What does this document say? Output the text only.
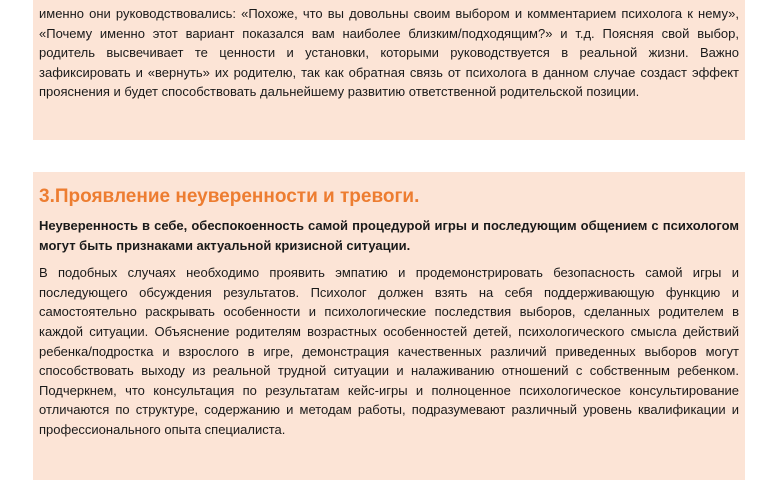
именно они руководствовались: «Похоже, что вы довольны своим выбором и комментарием психолога к нему», «Почему именно этот вариант показался вам наиболее близким/подходящим?» и т.д. Поясняя свой выбор, родитель высвечивает те ценности и установки, которыми руководствуется в реальной жизни. Важно зафиксировать и «вернуть» их родителю, так как обратная связь от психолога в данном случае создаст эффект прояснения и будет способствовать дальнейшему развитию ответственной родительской позиции.

3.Проявление неуверенности и тревоги.

Неуверенность в себе, обеспокоенность самой процедурой игры и последующим общением с психологом могут быть признаками актуальной кризисной ситуации.

В подобных случаях необходимо проявить эмпатию и продемонстрировать безопасность самой игры и последующего обсуждения результатов. Психолог должен взять на себя поддерживающую функцию и самостоятельно раскрывать особенности и психологические последствия выборов, сделанных родителем в каждой ситуации. Объяснение родителям возрастных особенностей детей, психологического смысла действий ребенка/подростка и взрослого в игре, демонстрация качественных различий приведенных выборов могут способствовать выходу из реальной трудной ситуации и налаживанию отношений с собственным ребенком. Подчеркнем, что консультация по результатам кейс-игры и полноценное психологическое консультирование отличаются по структуре, содержанию и методам работы, подразумевают различный уровень квалификации и профессионального опыта специалиста.
